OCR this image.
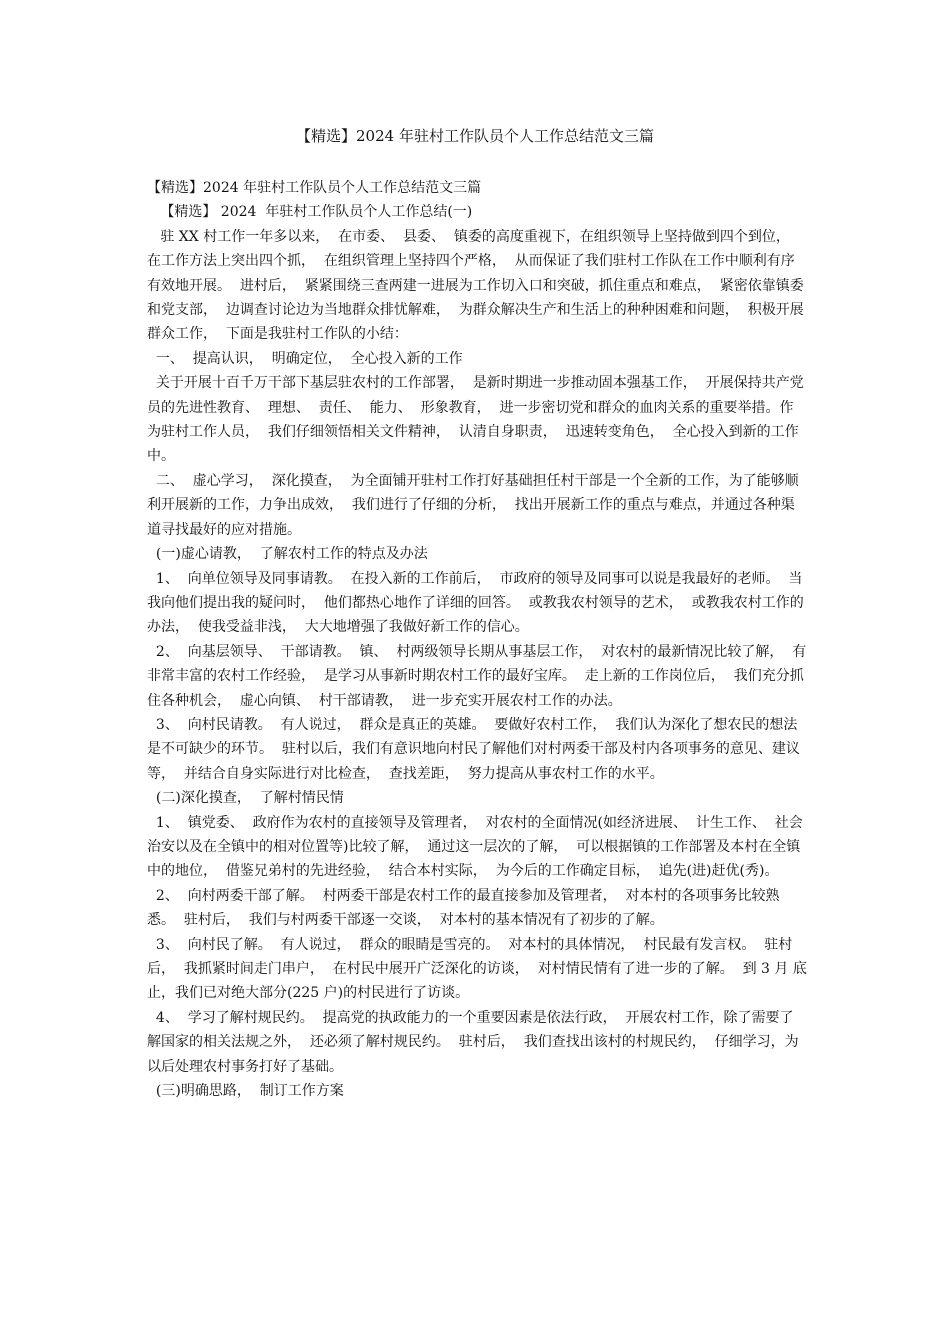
【精选】2024 年驻村工作队员个人工作总结范文三篇

【精选】2024 年驻村工作队员个人工作总结范文三篇

【精选】 2024  年驻村工作队员个人工作总结(一)

驻 XX 村工作一年多以来，  在市委、  县委、  镇委的高度重视下，在组织领导上坚持做到四个到位，  在工作方法上突出四个抓，  在组织管理上坚持四个严格，  从而保证了我们驻村工作队在工作中顺利有序有效地开展。  进村后，  紧紧围绕三查两建一进展为工作切入口和突破，抓住重点和难点，  紧密依靠镇委和党支部，  边调查讨论边为当地群众排忧解难，  为群众解决生产和生活上的种种困难和问题，  积极开展群众工作，  下面是我驻村工作队的小结：

一、  提高认识，  明确定位，  全心投入新的工作

关于开展十百千万干部下基层驻农村的工作部署，  是新时期进一步推动固本强基工作，  开展保持共产党员的先进性教育、  理想、  责任、  能力、  形象教育，  进一步密切党和群众的血肉关系的重要举措。作为驻村工作人员，  我们仔细领悟相关文件精神，  认清自身职责，  迅速转变角色，  全心投入到新的工作中。

二、  虚心学习，  深化摸查，  为全面铺开驻村工作打好基础担任村干部是一个全新的工作，为了能够顺利开展新的工作，力争出成效，  我们进行了仔细的分析，  找出开展新工作的重点与难点，并通过各种渠道寻找最好的应对措施。

(一)虚心请教，  了解农村工作的特点及办法

1、  向单位领导及同事请教。  在投入新的工作前后，  市政府的领导及同事可以说是我最好的老师。  当我向他们提出我的疑问时，  他们都热心地作了详细的回答。  或教我农村领导的艺术，  或教我农村工作的办法，  使我受益非浅，  大大地增强了我做好新工作的信心。

2、  向基层领导、  干部请教。  镇、  村两级领导长期从事基层工作，  对农村的最新情况比较了解，  有非常丰富的农村工作经验，  是学习从事新时期农村工作的最好宝库。  走上新的工作岗位后，  我们充分抓住各种机会，  虚心向镇、  村干部请教，  进一步充实开展农村工作的办法。

3、  向村民请教。  有人说过，  群众是真正的英雄。  要做好农村工作，  我们认为深化了想农民的想法是不可缺少的环节。  驻村以后，我们有意识地向村民了解他们对村两委干部及村内各项事务的意见、建议等，  并结合自身实际进行对比检查，  查找差距，  努力提高从事农村工作的水平。

(二)深化摸查，  了解村情民情

1、  镇党委、  政府作为农村的直接领导及管理者，  对农村的全面情况(如经济进展、  计生工作、  社会治安以及在全镇中的相对位置等)比较了解，  通过这一层次的了解，  可以根据镇的工作部署及本村在全镇中的地位，  借鉴兄弟村的先进经验，  结合本村实际，  为今后的工作确定目标，  追先(进)赶优(秀)。

2、  向村两委干部了解。  村两委干部是农村工作的最直接参加及管理者，  对本村的各项事务比较熟悉。  驻村后，  我们与村两委干部逐一交谈，  对本村的基本情况有了初步的了解。

3、  向村民了解。  有人说过，  群众的眼睛是雪亮的。  对本村的具体情况，  村民最有发言权。  驻村后，  我抓紧时间走门串户，  在村民中展开广泛深化的访谈，  对村情民情有了进一步的了解。  到 3 月 底止，我们已对绝大部分(225 户)的村民进行了访谈。

4、  学习了解村规民约。  提高党的执政能力的一个重要因素是依法行政，  开展农村工作，除了需要了解国家的相关法规之外，  还必须了解村规民约。  驻村后，  我们查找出该村的村规民约，  仔细学习，为以后处理农村事务打好了基础。

(三)明确思路，  制订工作方案
